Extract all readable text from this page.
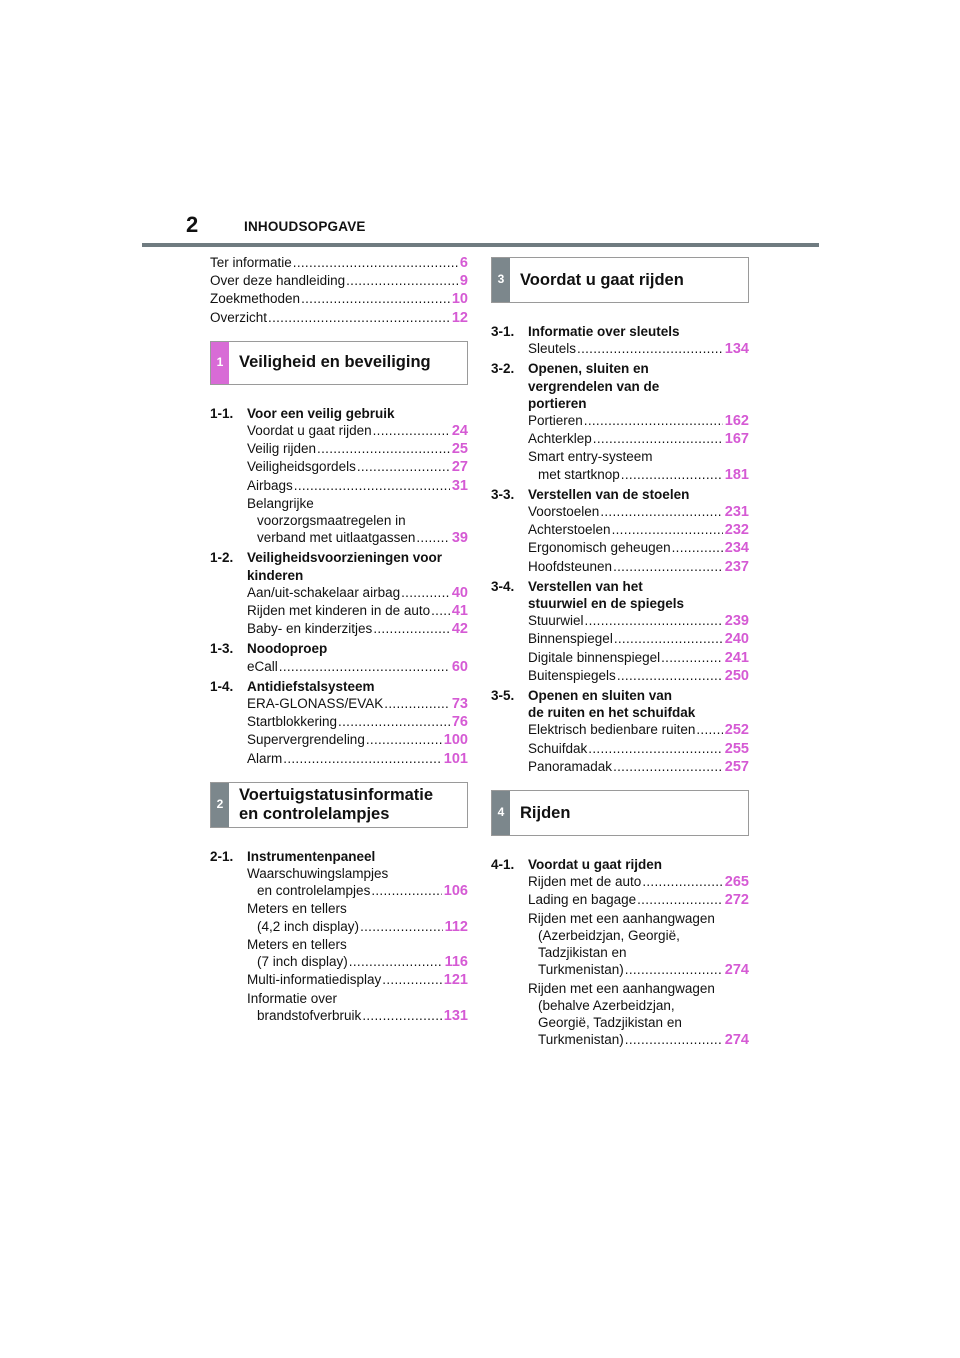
2	INHOUDSOPGAVE
Ter informatie .....	6
Over deze handleiding .....	9
Zoekmethoden .....	10
Overzicht .....	12
1 Veiligheid en beveiliging
1-1.	Voor een veilig gebruik
Voordat u gaat rijden .....	24
Veilig rijden .....	25
Veiligheidsgordels .....	27
Airbags .....	31
Belangrijke
voorzorgsmaatregelen in
verband met uitlaatgassen .....	39
1-2.	Veiligheidsvoorzieningen voor kinderen
Aan/uit-schakelaar airbag .....	40
Rijden met kinderen in de auto ..... 41
Baby- en kinderzitjes .....	42
1-3.	Noodoproep
eCall .....	60
1-4.	Antidiefstalsysteem
ERA-GLONASS/EVAK .....	73
Startblokkering .....	76
Supervergrendeling .....	100
Alarm .....	101
2
Voertuigstatusinformatie
en controlelampjes
2-1.	Instrumentenpaneel
Waarschuwingslampjes
en controlelampjes .....	106
Meters en tellers
(4,2 inch display) .....	112
Meters en tellers
(7 inch display) .....	116
Multi-informatiedisplay .....	121
Informatie over
brandstofverbruik .....	131
3 Voordat u gaat rijden
3-1.	Informatie over sleutels
Sleutels .....	134
3-2.	Openen, sluiten en
vergrendelen van de
portieren
Portieren .....	162
Achterklep .....	167
Smart entry-systeem
met startknop .....	181
3-3.	Verstellen van de stoelen
Voorstoelen .....	231
Achterstoelen .....	232
Ergonomisch geheugen .....	234
Hoofdsteunen .....	237
3-4.	Verstellen van het
stuurwiel en de spiegels
Stuurwiel .....	239
Binnenspiegel .....	240
Digitale binnenspiegel .....	241
Buitenspiegels .....	250
3-5.	Openen en sluiten van
de ruiten en het schuifdak
Elektrisch bedienbare ruiten ..... 252
Schuifdak .....	255
Panoramadak .....	257
4 Rijden
4-1.	Voordat u gaat rijden
Rijden met de auto .....	265
Lading en bagage .....	272
Rijden met een aanhangwagen
(Azerbeidzjan, Georgië,
Tadzjikistan en
Turkmenistan) .....	274
Rijden met een aanhangwagen
(behalve Azerbeidzjan,
Georgië, Tadzjikistan en
Turkmenistan) .....	274
